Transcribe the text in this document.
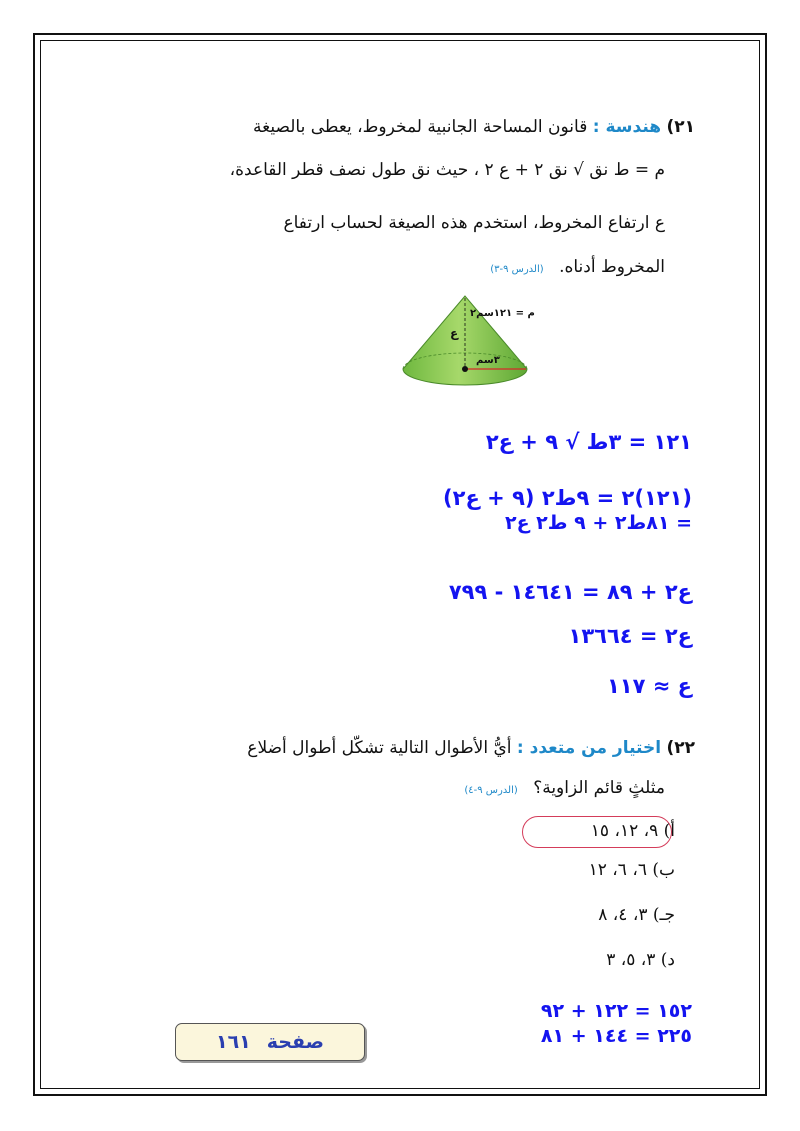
٢١) هندسة : قانون المساحة الجانبية لمخروط، يعطى بالصيغة
م = ط نق √ نق ٢ + ع ٢ ، حيث نق طول نصف قطر القاعدة،
ع ارتفاع المخروط، استخدم هذه الصيغة لحساب ارتفاع
المخروط أدناه. (الدرس ٩-٣)
م = ١٢١سم٢
ع
٣سم
١٢١ = ٣ط √ ٩ + ع٢
(١٢١)٢ = ٩ط٢ (٩ + ع٢)
= ٨١ط٢ + ٩ ط٢ ع٢
ع٢ + ٨٩ = ١٤٦٤١ - ٧٩٩
ع٢ = ١٣٦٦٤
ع ≈ ١١٧
٢٢) اختيار من متعدد : أيُّ الأطوال التالية تشكّل أطوال أضلاع
مثلثٍ قائم الزاوية؟ (الدرس ٩-٤)
أ) ٩، ١٢، ١٥
ب) ٦، ٦، ١٢
جـ) ٣، ٤، ٨
د) ٣، ٥، ٣
١٥٢ = ١٢٢ + ٩٢
٢٢٥ = ١٤٤ + ٨١
صفحة
١٦١
